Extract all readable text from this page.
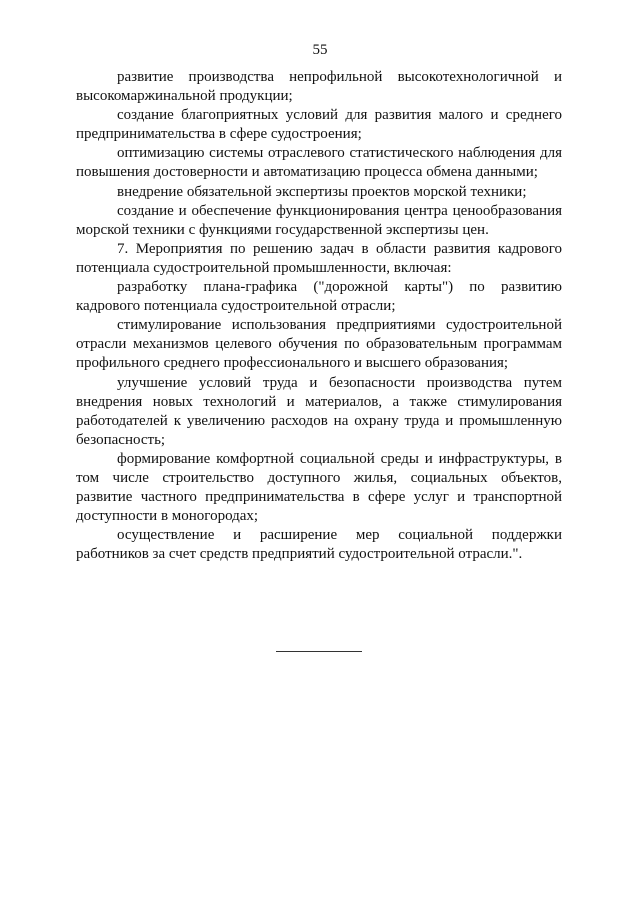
55

развитие производства непрофильной высокотехнологичной и высокомаржинальной продукции;

создание благоприятных условий для развития малого и среднего предпринимательства в сфере судостроения;

оптимизацию системы отраслевого статистического наблюдения для повышения достоверности и автоматизацию процесса обмена данными;

внедрение обязательной экспертизы проектов морской техники;

создание и обеспечение функционирования центра ценообразования морской техники с функциями государственной экспертизы цен.

7. Мероприятия по решению задач в области развития кадрового потенциала судостроительной промышленности, включая:

разработку плана-графика ("дорожной карты") по развитию кадрового потенциала судостроительной отрасли;

стимулирование использования предприятиями судостроительной отрасли механизмов целевого обучения по образовательным программам профильного среднего профессионального и высшего образования;

улучшение условий труда и безопасности производства путем внедрения новых технологий и материалов, а также стимулирования работодателей к увеличению расходов на охрану труда и промышленную безопасность;

формирование комфортной социальной среды и инфраструктуры, в том числе строительство доступного жилья, социальных объектов, развитие частного предпринимательства в сфере услуг и транспортной доступности в моногородах;

осуществление и расширение мер социальной поддержки работников за счет средств предприятий судостроительной отрасли.".
